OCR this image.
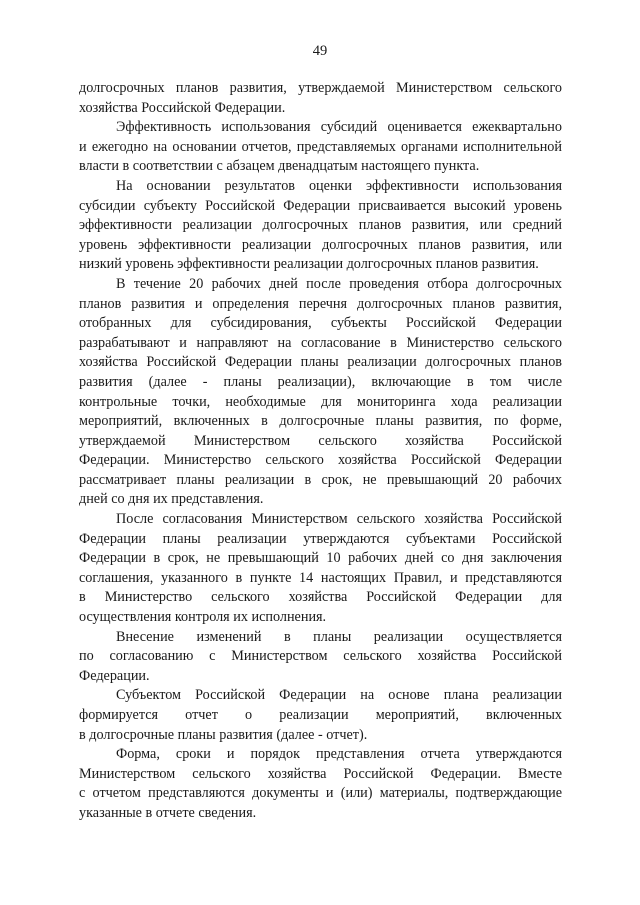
49
долгосрочных планов развития, утверждаемой Министерством сельского
хозяйства Российской Федерации.
Эффективность использования субсидий оценивается ежеквартально
и ежегодно на основании отчетов, представляемых органами исполнительной
власти в соответствии с абзацем двенадцатым настоящего пункта.
На основании результатов оценки эффективности использования
субсидии субъекту Российской Федерации присваивается высокий уровень
эффективности реализации долгосрочных планов развития, или средний
уровень эффективности реализации долгосрочных планов развития, или
низкий уровень эффективности реализации долгосрочных планов развития.
В течение 20 рабочих дней после проведения отбора долгосрочных
планов развития и определения перечня долгосрочных планов развития,
отобранных для субсидирования, субъекты Российской Федерации
разрабатывают и направляют на согласование в Министерство сельского
хозяйства Российской Федерации планы реализации долгосрочных планов
развития (далее - планы реализации), включающие в том числе
контрольные точки, необходимые для мониторинга хода реализации
мероприятий, включенных в долгосрочные планы развития, по форме,
утверждаемой Министерством сельского хозяйства Российской
Федерации. Министерство сельского хозяйства Российской Федерации
рассматривает планы реализации в срок, не превышающий 20 рабочих
дней со дня их представления.
После согласования Министерством сельского хозяйства Российской
Федерации планы реализации утверждаются субъектами Российской
Федерации в срок, не превышающий 10 рабочих дней со дня заключения
соглашения, указанного в пункте 14 настоящих Правил, и представляются
в Министерство сельского хозяйства Российской Федерации для
осуществления контроля их исполнения.
Внесение изменений в планы реализации осуществляется
по согласованию с Министерством сельского хозяйства Российской
Федерации.
Субъектом Российской Федерации на основе плана реализации
формируется отчет о реализации мероприятий, включенных
в долгосрочные планы развития (далее - отчет).
Форма, сроки и порядок представления отчета утверждаются
Министерством сельского хозяйства Российской Федерации. Вместе
с отчетом представляются документы и (или) материалы, подтверждающие
указанные в отчете сведения.
